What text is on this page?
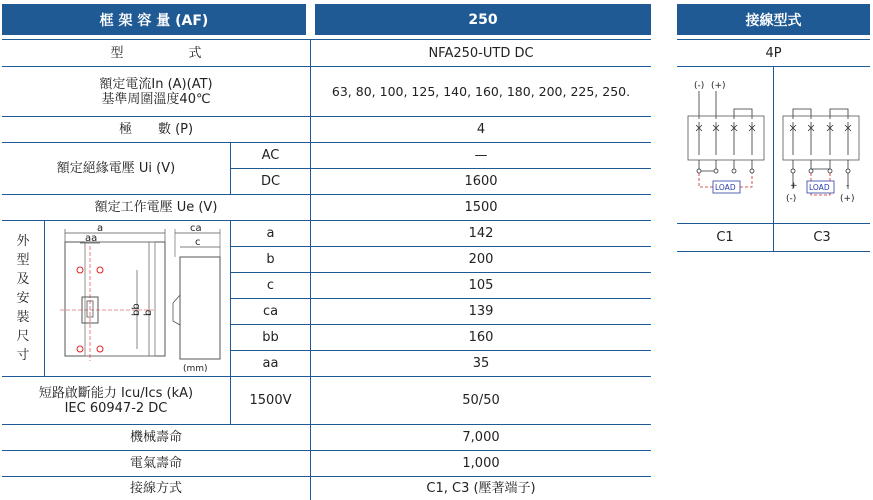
框 架 容 量 (AF)	250
型　　　　　式	NFA250-UTD DC
額定電流In (A)(AT)
基準周圍溫度40℃	63, 80, 100, 125, 140, 160, 180, 200, 225, 250.
極　　數 (P)	4
額定絕緣電壓 Ui (V)
AC	—
DC	1600
額定工作電壓 Ue (V)	1500
外
型
及
安
裝
尺
寸
a
aa
bb b
ca
c
(mm)
a	142
b	200
c	105
ca	139
bb	160
aa	35
短路啟斷能力 Icu/Ics (kA)
IEC 60947-2 DC	1500V	50/50
機械壽命	7,000
電氣壽命	1,000
接線方式	C1, C3 (壓著端子)
接線型式
4P
(-) (+)
LOAD	+	-
LOAD
(-)	(+)
C1	C3
